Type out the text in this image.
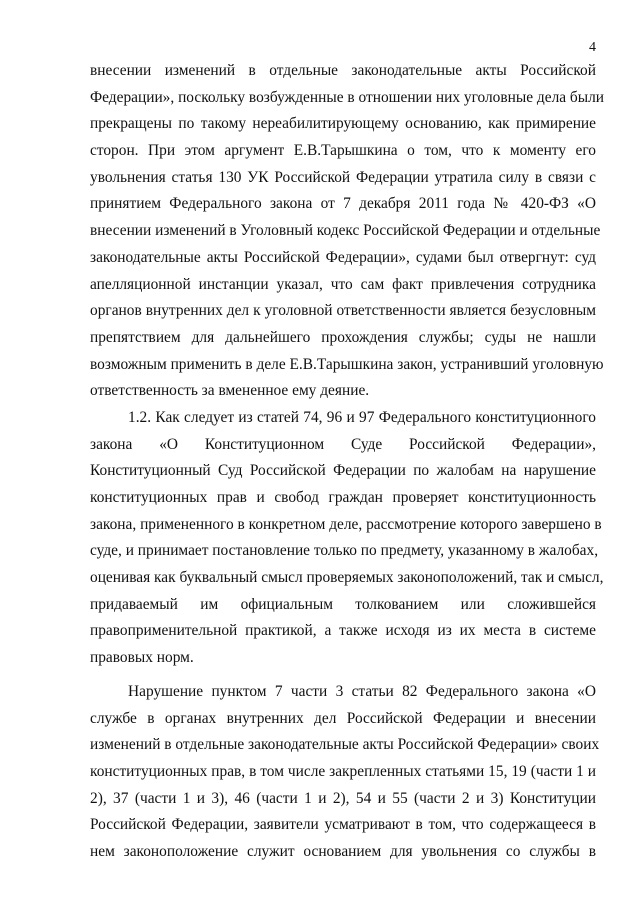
4
внесении изменений в отдельные законодательные акты Российской
Федерации», поскольку возбужденные в отношении них уголовные дела были
прекращены по такому нереабилитирующему основанию, как примирение
сторон. При этом аргумент Е.В.Тарышкина о том, что к моменту его
увольнения статья 130 УК Российской Федерации утратила силу в связи с
принятием Федерального закона от 7 декабря 2011 года № 420-ФЗ «О
внесении изменений в Уголовный кодекс Российской Федерации и отдельные
законодательные акты Российской Федерации», судами был отвергнут: суд
апелляционной инстанции указал, что сам факт привлечения сотрудника
органов внутренних дел к уголовной ответственности является безусловным
препятствием для дальнейшего прохождения службы; суды не нашли
возможным применить в деле Е.В.Тарышкина закон, устранивший уголовную
ответственность за вмененное ему деяние.
1.2. Как следует из статей 74, 96 и 97 Федерального конституционного
закона «О Конституционном Суде Российской Федерации»,
Конституционный Суд Российской Федерации по жалобам на нарушение
конституционных прав и свобод граждан проверяет конституционность
закона, примененного в конкретном деле, рассмотрение которого завершено в
суде, и принимает постановление только по предмету, указанному в жалобах,
оценивая как буквальный смысл проверяемых законоположений, так и смысл,
придаваемый им официальным толкованием или сложившейся
правоприменительной практикой, а также исходя из их места в системе
правовых норм.
Нарушение пунктом 7 части 3 статьи 82 Федерального закона «О
службе в органах внутренних дел Российской Федерации и внесении
изменений в отдельные законодательные акты Российской Федерации» своих
конституционных прав, в том числе закрепленных статьями 15, 19 (части 1 и
2), 37 (части 1 и 3), 46 (части 1 и 2), 54 и 55 (части 2 и 3) Конституции
Российской Федерации, заявители усматривают в том, что содержащееся в
нем законоположение служит основанием для увольнения со службы в
